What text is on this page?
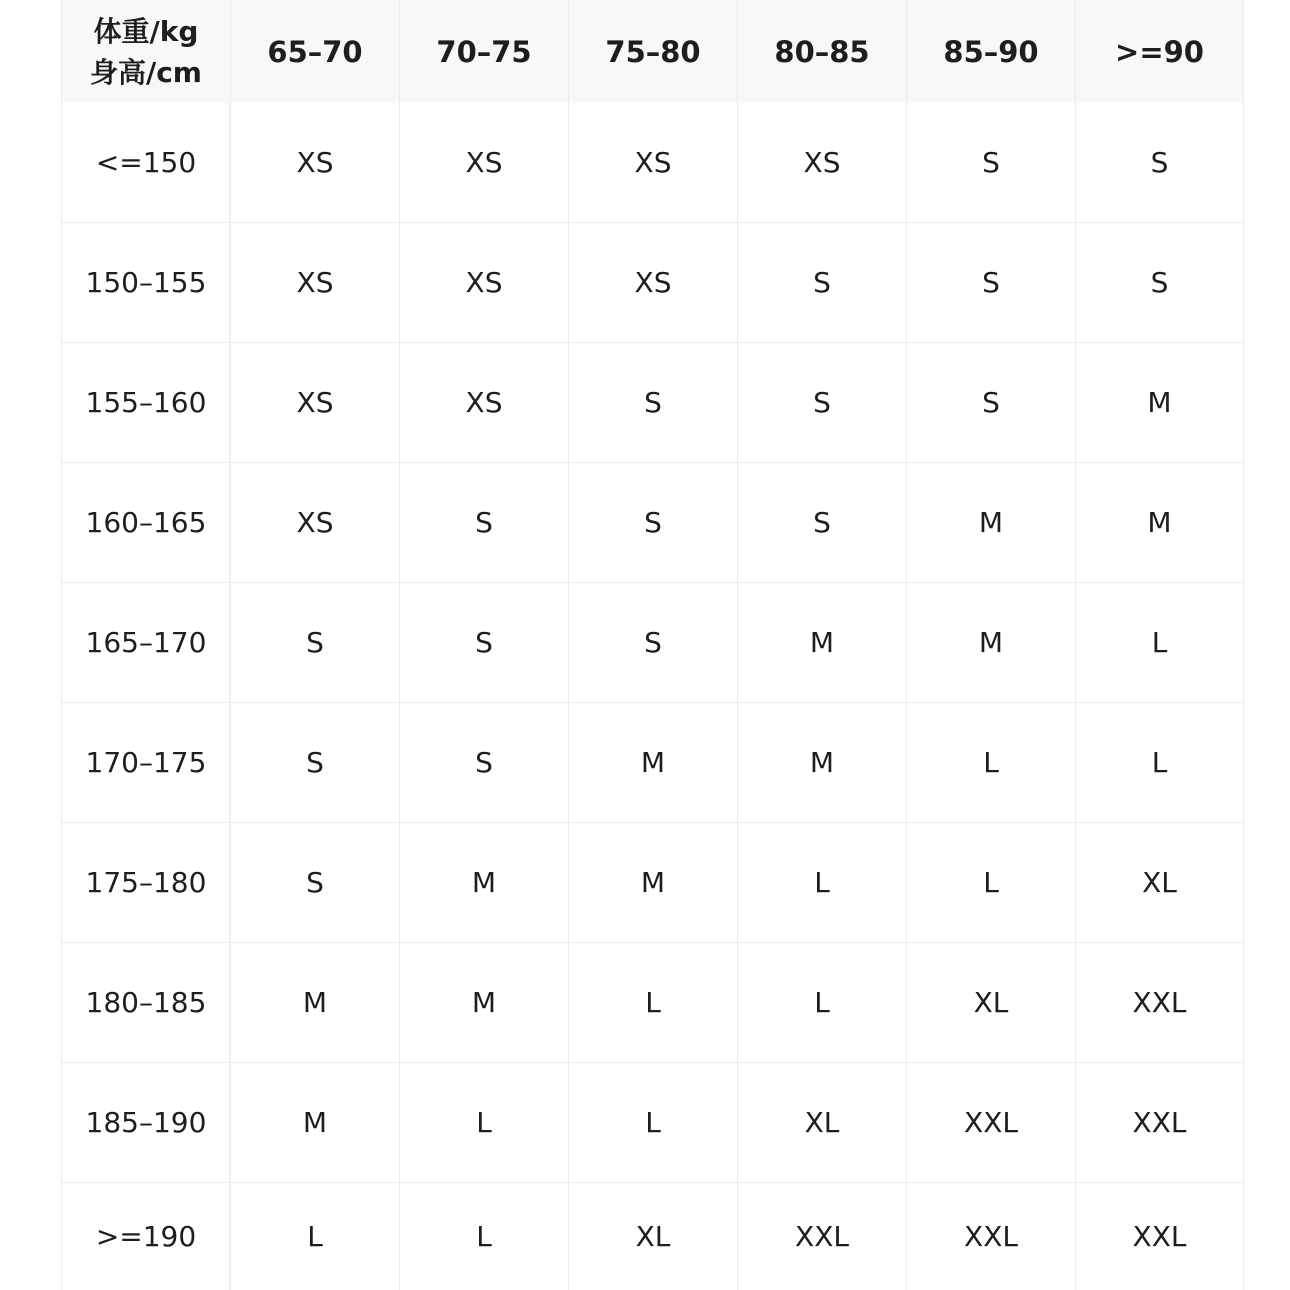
体重/kg
身高/cm	65–70	70–75	75–80	80–85	85–90	>=90
<=150	XS	XS	XS	XS	S	S
150–155	XS	XS	XS	S	S	S
155–160	XS	XS	S	S	S	M
160–165	XS	S	S	S	M	M
165–170	S	S	S	M	M	L
170–175	S	S	M	M	L	L
175–180	S	M	M	L	L	XL
180–185	M	M	L	L	XL	XXL
185–190	M	L	L	XL	XXL	XXL
>=190	L	L	XL	XXL	XXL	XXL
